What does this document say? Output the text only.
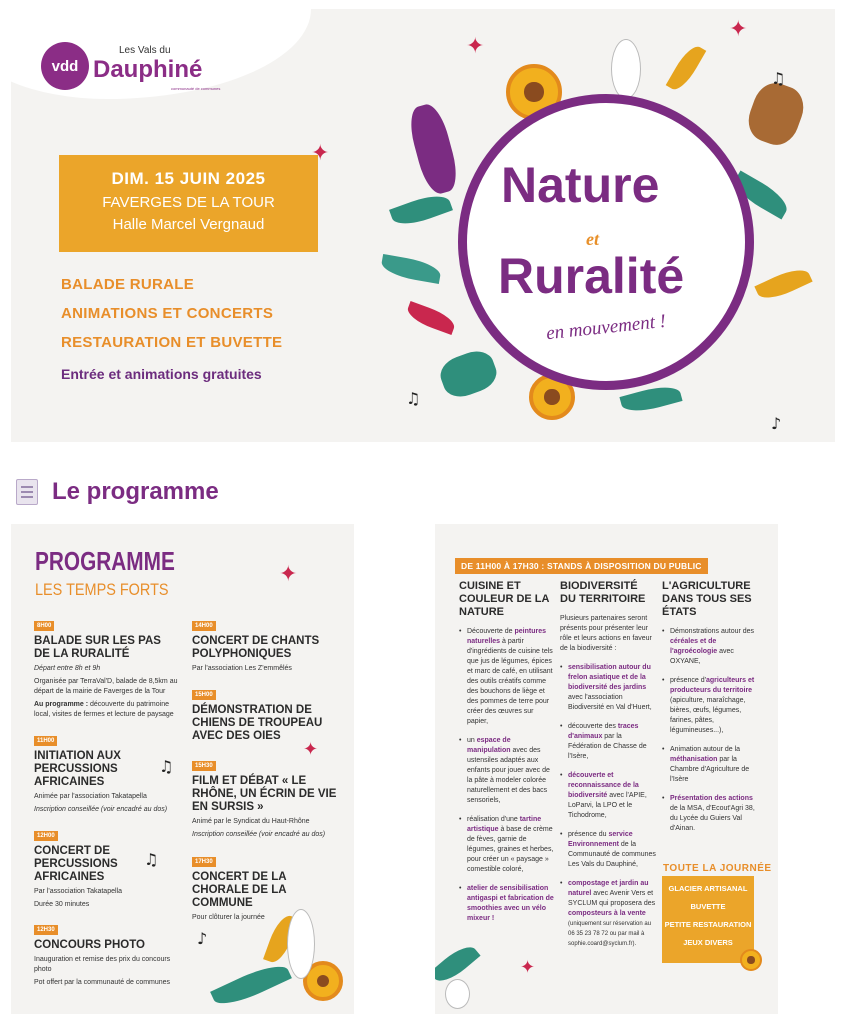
vdd
Les Vals du
Dauphiné
communauté de communes
DIM. 15 JUIN 2025
FAVERGES DE LA TOUR
Halle Marcel Vergnaud
BALADE RURALE
ANIMATIONS ET CONCERTS
RESTAURATION ET BUVETTE
Entrée et animations gratuites
✦
✦
✦
♫
♫
♪
Nature
et
Ruralité
en mouvement !
Le programme
PROGRAMME
LES TEMPS FORTS
✦
✦
♫
♫
♪
8H00
BALADE SUR LES PAS DE LA RURALITÉ
Départ entre 8h et 9h
Organisée par TerraVal'D, balade de 8,5km au départ de la mairie de Faverges de la Tour
Au programme : découverte du patrimoine local, visites de fermes et lecture de paysage
11H00
INITIATION AUX PERCUSSIONS AFRICAINES
Animée par l'association Takatapella
Inscription conseillée (voir encadré au dos)
12H00
CONCERT DE PERCUSSIONS AFRICAINES
Par l'association Takatapella
Durée 30 minutes
12H30
CONCOURS PHOTO
Inauguration et remise des prix du concours photo
Pot offert par la communauté de communes
14H00
CONCERT DE CHANTS POLYPHONIQUES
Par l'association Les Z'emmêlés
15H00
DÉMONSTRATION DE CHIENS DE TROUPEAU AVEC DES OIES
15H30
FILM ET DÉBAT « LE RHÔNE, UN ÉCRIN DE VIE EN SURSIS »
Animé par le Syndicat du Haut-Rhône
Inscription conseillée (voir encadré au dos)
17H30
CONCERT DE LA CHORALE DE LA COMMUNE
Pour clôturer la journée
DE 11H00 À 17H30 : STANDS À DISPOSITION DU PUBLIC
CUISINE ET COULEUR DE LA NATURE
• Découverte de peintures naturelles à partir d'ingrédients de cuisine tels que jus de légumes, épices et marc de café, en utilisant des outils créatifs comme des bouchons de liège et des pommes de terre pour créer des œuvres sur papier,
• un espace de manipulation avec des ustensiles adaptés aux enfants pour jouer avec de la pâte à modeler colorée naturellement et des bacs sensoriels,
• réalisation d'une tartine artistique à base de crème de fèves, garnie de légumes, graines et herbes, pour créer un « paysage » comestible coloré,
• atelier de sensibilisation antigaspi et fabrication de smoothies avec un vélo mixeur !
BIODIVERSITÉ DU TERRITOIRE
Plusieurs partenaires seront présents pour présenter leur rôle et leurs actions en faveur de la biodiversité :
• sensibilisation autour du frelon asiatique et de la biodiversité des jardins avec l'association Biodiversité en Val d'Huert,
• découverte des traces d'animaux par la Fédération de Chasse de l'Isère,
• découverte et reconnaissance de la biodiversité avec l'APIE, LoParvi, la LPO et le Tichodrome,
• présence du service Environnement de la Communauté de communes Les Vals du Dauphiné,
• compostage et jardin au naturel avec Avenir Vers et SYCLUM qui proposera des composteurs à la vente (uniquement sur réservation au 06 35 23 78 72 ou par mail à sophie.coard@syclum.fr).
L'AGRICULTURE DANS TOUS SES ÉTATS
• Démonstrations autour des céréales et de l'agroécologie avec OXYANE,
• présence d'agriculteurs et producteurs du territoire (apiculture, maraîchage, bières, œufs, légumes, farines, pâtes, légumineuses...),
• Animation autour de la méthanisation par la Chambre d'Agriculture de l'Isère
• Présentation des actions de la MSA, d'Ecout'Agri 38, du Lycée du Guiers Val d'Ainan.
TOUTE LA JOURNÉE
GLACIER ARTISANAL
BUVETTE
PETITE RESTAURATION
JEUX DIVERS
✦
